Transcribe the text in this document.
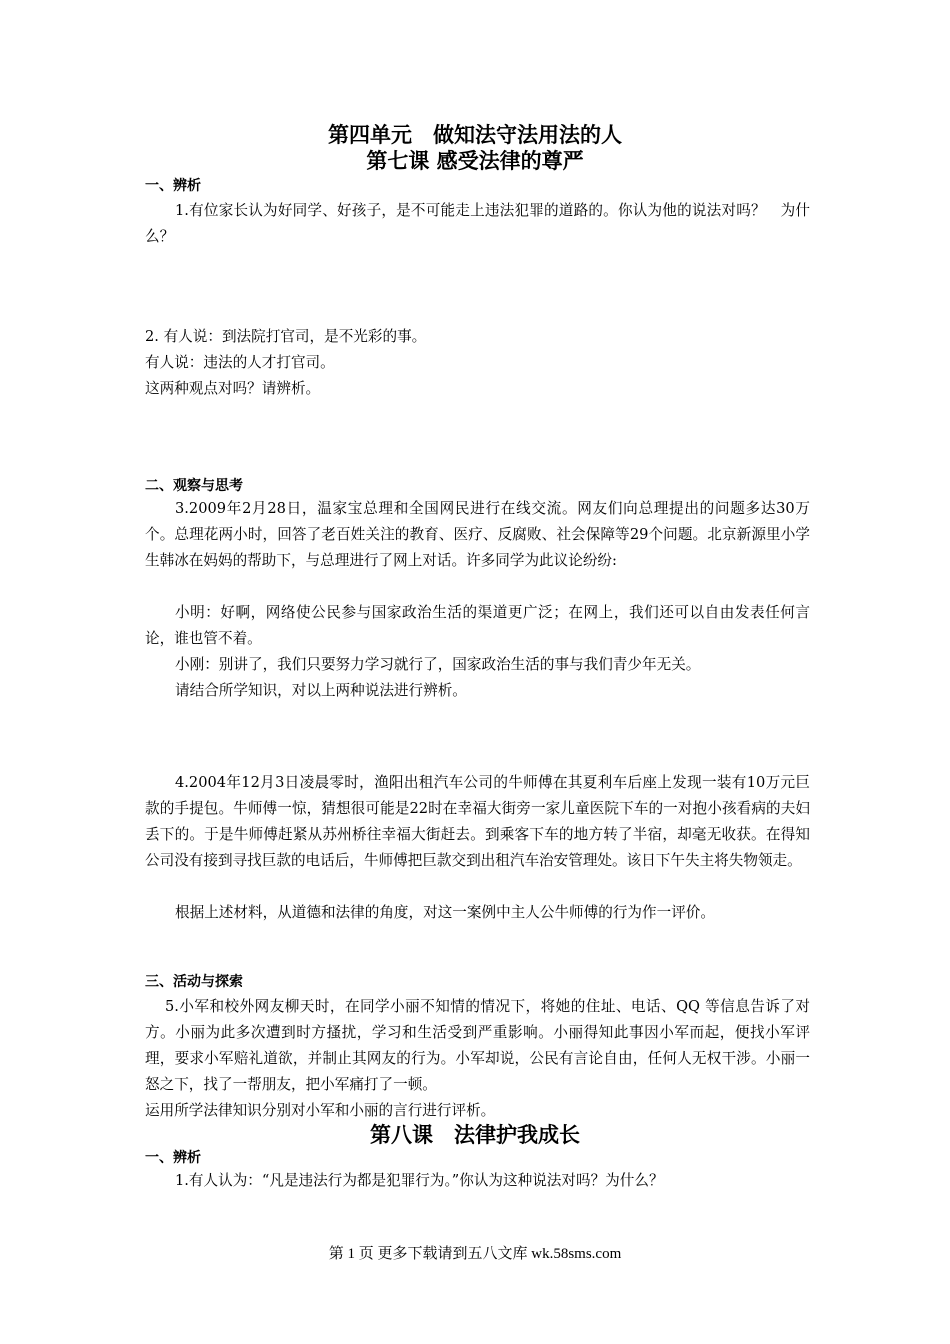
第四单元　做知法守法用法的人
第七课 感受法律的尊严
一、辨析

1.有位家长认为好同学、好孩子，是不可能走上违法犯罪的道路的。你认为他的说法对吗？　为什么？

2. 有人说：到法院打官司，是不光彩的事。

有人说：违法的人才打官司。

这两种观点对吗？请辨析。

二、观察与思考

3.2009年2月28日，温家宝总理和全国网民进行在线交流。网友们向总理提出的问题多达30万个。总理花两小时，回答了老百姓关注的教育、医疗、反腐败、社会保障等29个问题。北京新源里小学生韩冰在妈妈的帮助下，与总理进行了网上对话。许多同学为此议论纷纷:

小明：好啊，网络使公民参与国家政治生活的渠道更广泛；在网上，我们还可以自由发表任何言论，谁也管不着。

小刚：别讲了，我们只要努力学习就行了，国家政治生活的事与我们青少年无关。

请结合所学知识，对以上两种说法进行辨析。

4.2004年12月3日凌晨零时，渔阳出租汽车公司的牛师傅在其夏利车后座上发现一装有10万元巨款的手提包。牛师傅一惊，猜想很可能是22时在幸福大街旁一家儿童医院下车的一对抱小孩看病的夫妇丢下的。于是牛师傅赶紧从苏州桥往幸福大街赶去。到乘客下车的地方转了半宿，却毫无收获。在得知公司没有接到寻找巨款的电话后，牛师傅把巨款交到出租汽车治安管理处。该日下午失主将失物领走。

根据上述材料，从道德和法律的角度，对这一案例中主人公牛师傅的行为作一评价。

三、活动与探索

5.小军和校外网友柳天时，在同学小丽不知情的情况下，将她的住址、电话、QQ 等信息告诉了对方。小丽为此多次遭到时方搔扰，学习和生活受到严重影响。小丽得知此事因小军而起，便找小军评理，要求小军赔礼道欲，并制止其网友的行为。小军却说，公民有言论自由，任何人无权干涉。小丽一怒之下，找了一帮朋友，把小军痛打了一顿。

运用所学法律知识分别对小军和小丽的言行进行评析。

第八课　法律护我成长
一、辨析

1.有人认为：“凡是违法行为都是犯罪行为。”你认为这种说法对吗？为什么？

第 1 页 更多下载请到五八文库 wk.58sms.com
